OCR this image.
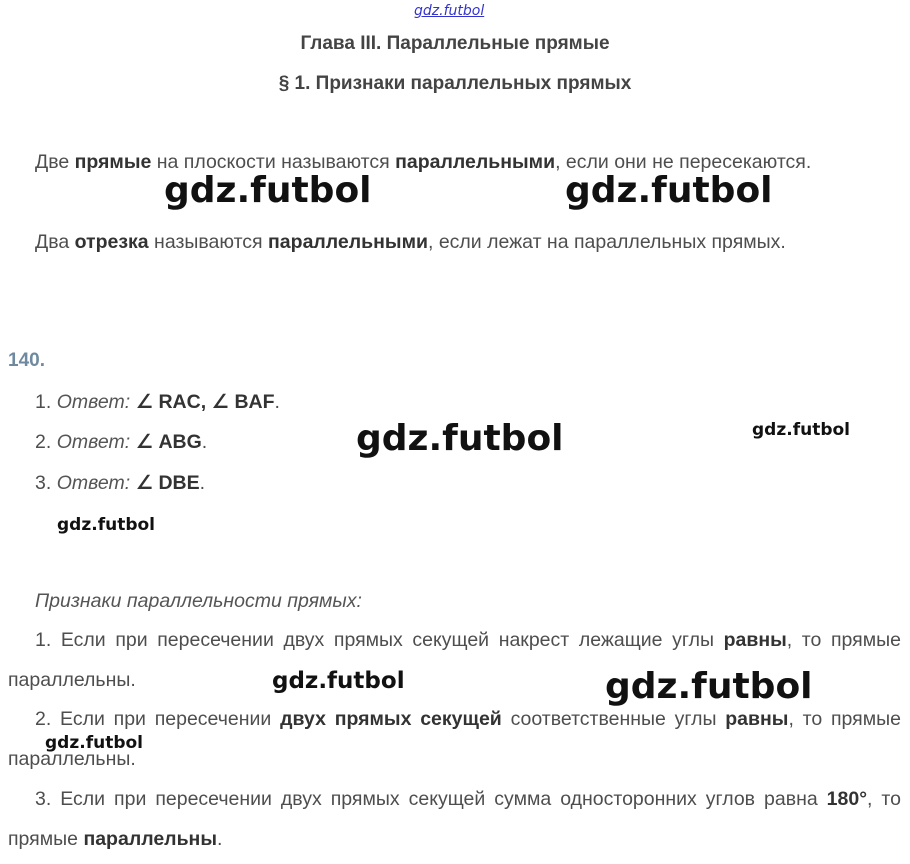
gdz.futbol
Глава III. Параллельные прямые
§ 1. Признаки параллельных прямых
Две прямые на плоскости называются параллельными, если они не пересекаются.
Два отрезка называются параллельными, если лежат на параллельных прямых.
140.
1. Ответ: ∠ RAC, ∠ BAF.
2. Ответ: ∠ ABG.
3. Ответ: ∠ DBE.
Признаки параллельности прямых:
1. Если при пересечении двух прямых секущей накрест лежащие углы равны, то прямые параллельны.
2. Если при пересечении двух прямых секущей соответственные углы равны, то прямые параллельны.
3. Если при пересечении двух прямых секущей сумма односторонних углов равна 180°, то прямые параллельны.
gdz.futbol	gdz.futbol
gdz.futbol	gdz.futbol
gdz.futbol
gdz.futbol	gdz.futbol
gdz.futbol
